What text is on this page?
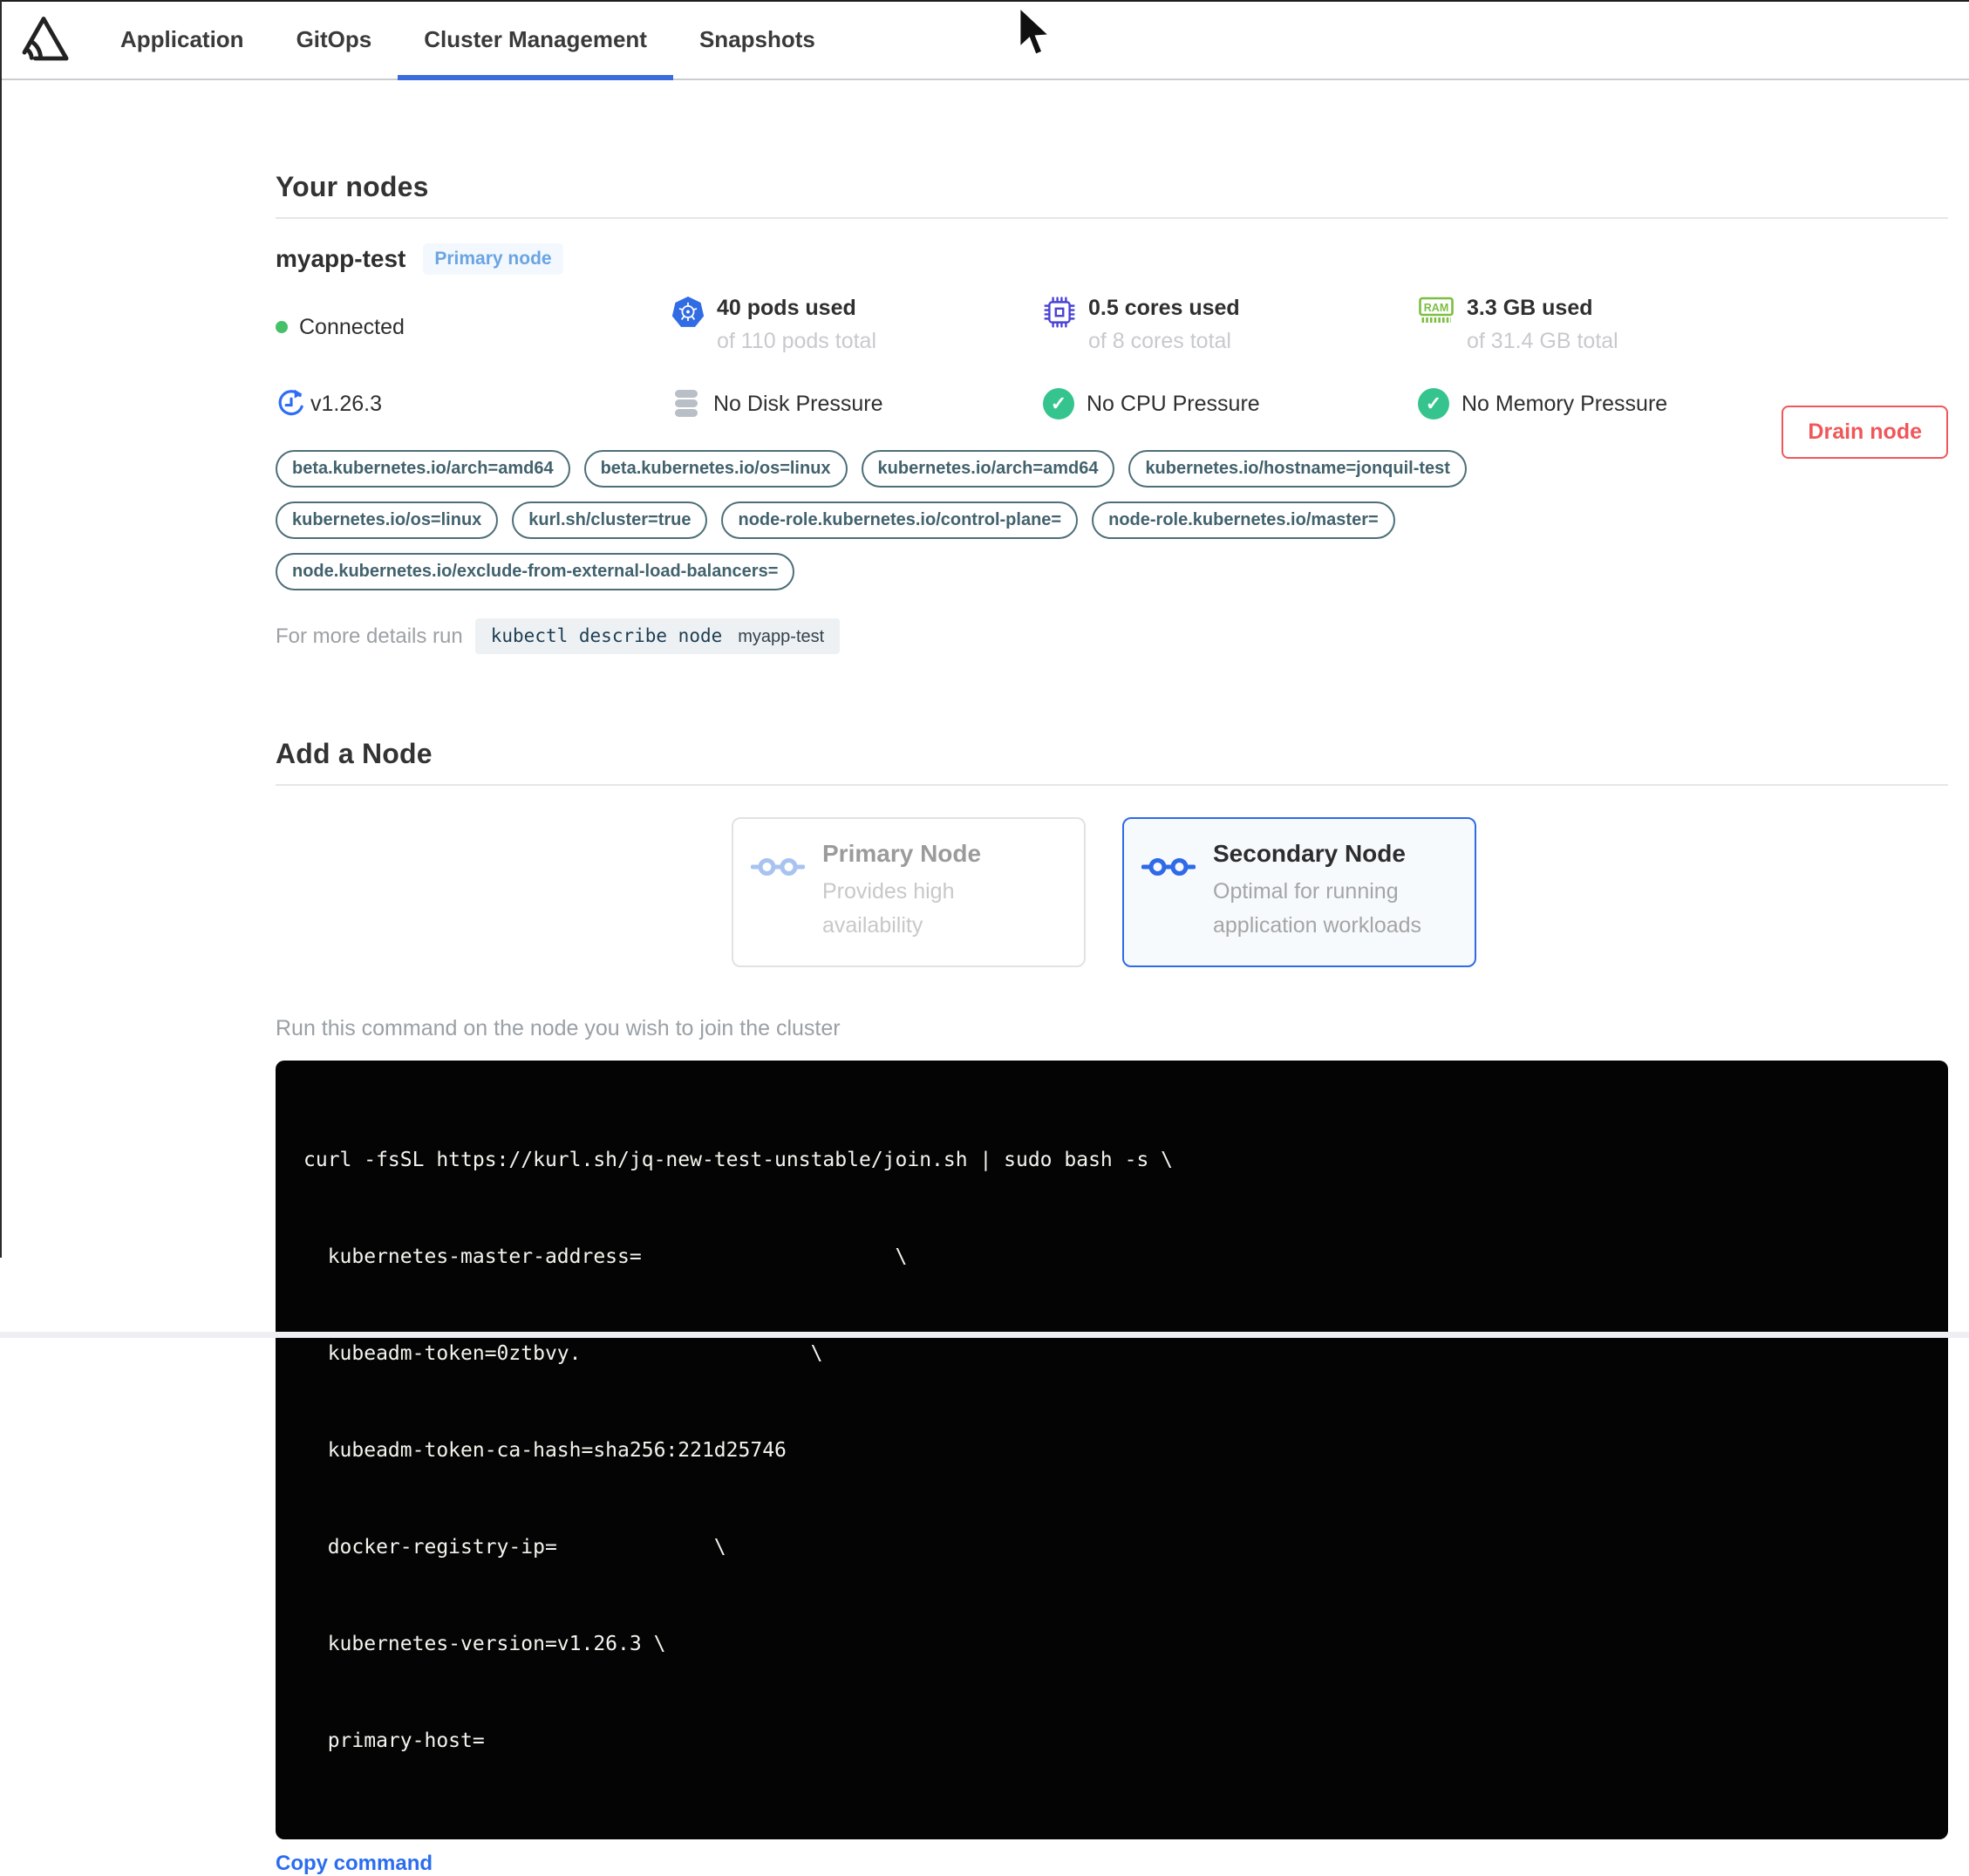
Application	GitOps	Cluster Management	Snapshots
Your nodes
myapp-test	Primary node
Connected
40 pods used
of 110 pods total
0.5 cores used
of 8 cores total
RAM 3.3 GB used
of 31.4 GB total
v1.26.3	No Disk Pressure ✓	No CPU Pressure ✓	No Memory Pressure
Drain node
beta.kubernetes.io/arch=amd64	beta.kubernetes.io/os=linux	kubernetes.io/arch=amd64	kubernetes.io/hostname=jonquil-test
kubernetes.io/os=linux	kurl.sh/cluster=true	node-role.kubernetes.io/control-plane=	node-role.kubernetes.io/master=
node.kubernetes.io/exclude-from-external-load-balancers=
For more details run kubectl describe node myapp-test
Add a Node
Primary Node
Provides high availability
Secondary Node
Optimal for running application workloads
Run this command on the node you wish to join the cluster

curl -fsSL https://kurl.sh/jq-new-test-unstable/join.sh | sudo bash -s \

kubernetes-master-address=                     \

kubeadm-token=0ztbvy.                   \

kubeadm-token-ca-hash=sha256:221d25746

docker-registry-ip=             \

kubernetes-version=v1.26.3 \

primary-host=

Copy command
